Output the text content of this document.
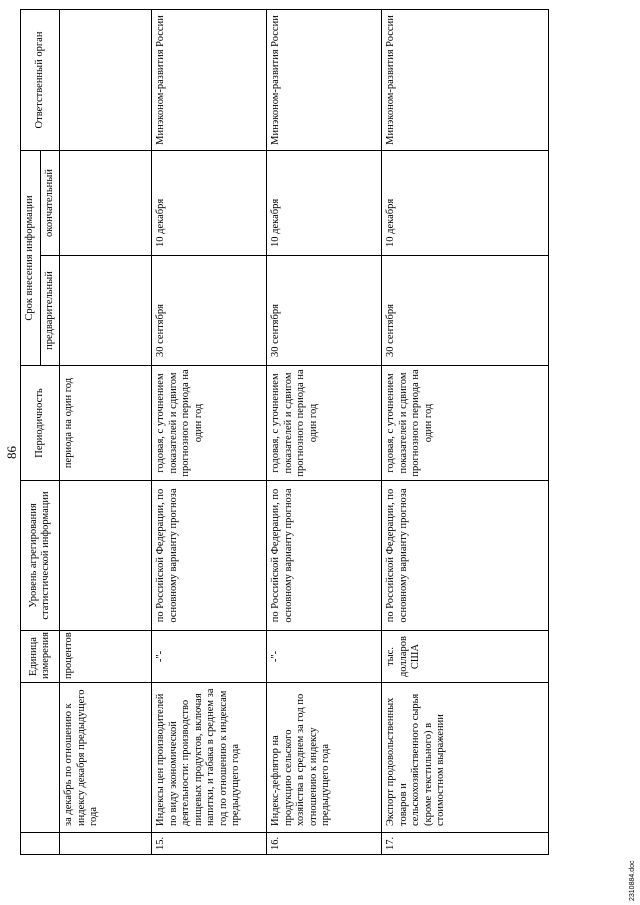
86
		Единица измерения	Уровень агрегирования статистической информации	Периодичность	Срок внесения информации		Ответственный орган
					предварительный	окончательный	
	за декабрь по отношению к индексу декабря предыдущего года	процентов		периода на один год			
15.	Индексы цен производителей по виду экономической деятельности: производство пищевых продуктов, включая напитки, и табака в среднем за год по отношению к индексам предыдущего года	-"-	по Российской Федерации, по основному варианту прогноза	годовая, с уточнением показателей и сдвигом прогнозного периода на один год	30 сентября	10 декабря	Минэконом-развития России
16.	Индекс-дефлятор на продукцию сельского хозяйства в среднем за год по отношению к индексу предыдущего года	-"-	по Российской Федерации, по основному варианту прогноза	годовая, с уточнением показателей и сдвигом прогнозного периода на один год	30 сентября	10 декабря	Минэконом-развития России
17.	Экспорт продовольственных товаров и сельскохозяйственного сырья (кроме текстильного) в стоимостном выражении	тыс. долларов США	по Российской Федерации, по основному варианту прогноза	годовая, с уточнением показателей и сдвигом прогнозного периода на один год	30 сентября	10 декабря	Минэконом-развития России
2310884.doc
